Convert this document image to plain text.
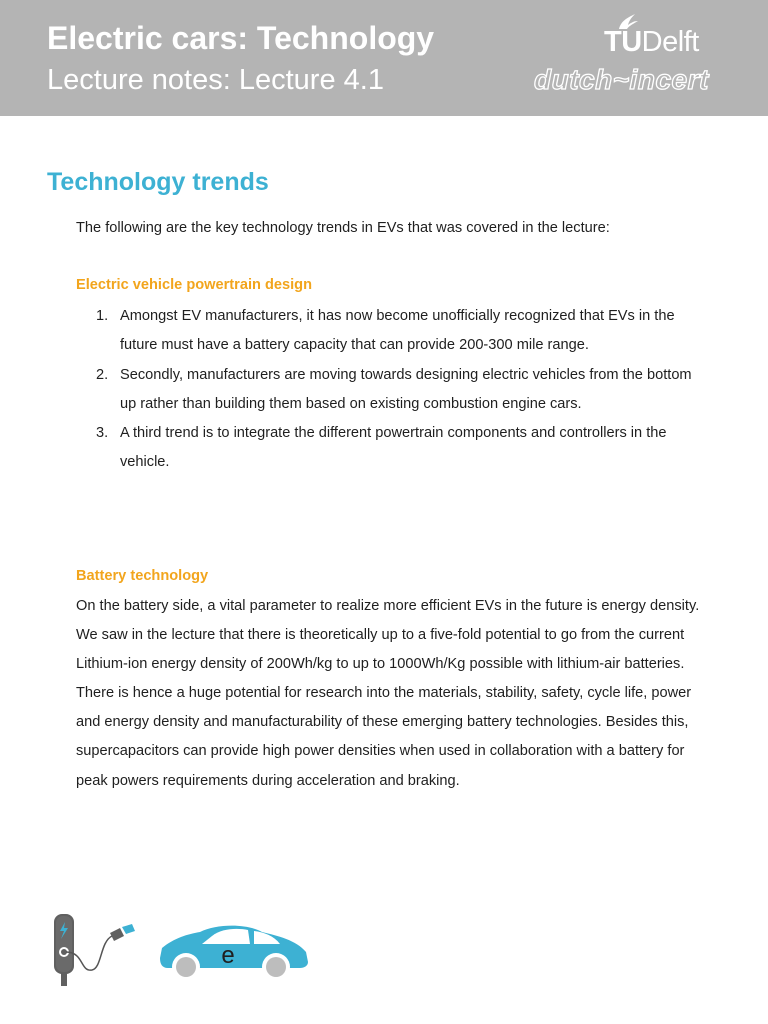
Electric cars: Technology
Lecture notes: Lecture 4.1
TUDelft
dutch~incert
Technology trends
The following are the key technology trends in EVs that was covered in the lecture:
Electric vehicle powertrain design
1. Amongst EV manufacturers, it has now become unofficially recognized that EVs in the future must have a battery capacity that can provide 200-300 mile range.
2. Secondly, manufacturers are moving towards designing electric vehicles from the bottom up rather than building them based on existing combustion engine cars.
3. A third trend is to integrate the different powertrain components and controllers in the vehicle.
Battery technology

On the battery side, a vital parameter to realize more efficient EVs in the future is energy density. We saw in the lecture that there is theoretically up to a five-fold potential to go from the current Lithium-ion energy density of 200Wh/kg to up to 1000Wh/Kg possible with lithium-air batteries. There is hence a huge potential for research into the materials, stability, safety, cycle life, power and energy density and manufacturability of these emerging battery technologies. Besides this, supercapacitors can provide high power densities when used in collaboration with a battery for peak powers requirements during acceleration and braking.

e
